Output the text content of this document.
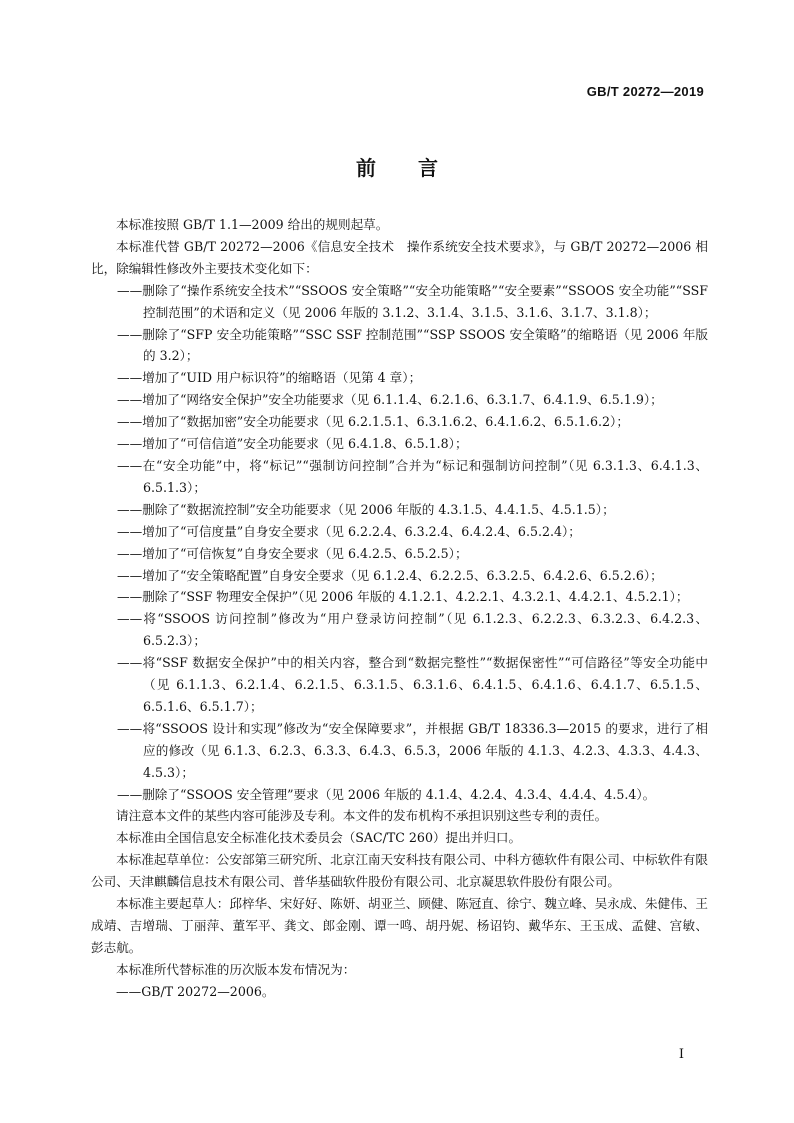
GB/T 20272—2019
前言

本标准按照 GB/T 1.1—2009 给出的规则起草。

本标准代替 GB/T 20272—2006《信息安全技术　操作系统安全技术要求》，与 GB/T 20272—2006 相比，除编辑性修改外主要技术变化如下：

——删除了“操作系统安全技术”“SSOOS 安全策略”“安全功能策略”“安全要素”“SSOOS 安全功能”“SSF 控制范围”的术语和定义（见 2006 年版的 3.1.2、3.1.4、3.1.5、3.1.6、3.1.7、3.1.8）；

——删除了“SFP 安全功能策略”“SSC SSF 控制范围”“SSP SSOOS 安全策略”的缩略语（见 2006 年版的 3.2）；

——增加了“UID 用户标识符”的缩略语（见第 4 章）；

——增加了“网络安全保护”安全功能要求（见 6.1.1.4、6.2.1.6、6.3.1.7、6.4.1.9、6.5.1.9）；

——增加了“数据加密”安全功能要求（见 6.2.1.5.1、6.3.1.6.2、6.4.1.6.2、6.5.1.6.2）；

——增加了“可信信道”安全功能要求（见 6.4.1.8、6.5.1.8）；

——在“安全功能”中，将“标记”“强制访问控制”合并为“标记和强制访问控制”（见 6.3.1.3、6.4.1.3、6.5.1.3）；

——删除了“数据流控制”安全功能要求（见 2006 年版的 4.3.1.5、4.4.1.5、4.5.1.5）；

——增加了“可信度量”自身安全要求（见 6.2.2.4、6.3.2.4、6.4.2.4、6.5.2.4）；

——增加了“可信恢复”自身安全要求（见 6.4.2.5、6.5.2.5）；

——增加了“安全策略配置”自身安全要求（见 6.1.2.4、6.2.2.5、6.3.2.5、6.4.2.6、6.5.2.6）；

——删除了“SSF 物理安全保护”（见 2006 年版的 4.1.2.1、4.2.2.1、4.3.2.1、4.4.2.1、4.5.2.1）；

——将“SSOOS 访问控制”修改为“用户登录访问控制”（见 6.1.2.3、6.2.2.3、6.3.2.3、6.4.2.3、6.5.2.3）；

——将“SSF 数据安全保护”中的相关内容，整合到“数据完整性”“数据保密性”“可信路径”等安全功能中（见 6.1.1.3、6.2.1.4、6.2.1.5、6.3.1.5、6.3.1.6、6.4.1.5、6.4.1.6、6.4.1.7、6.5.1.5、6.5.1.6、6.5.1.7）；

——将“SSOOS 设计和实现”修改为“安全保障要求”，并根据 GB/T 18336.3—2015 的要求，进行了相应的修改（见 6.1.3、6.2.3、6.3.3、6.4.3、6.5.3，2006 年版的 4.1.3、4.2.3、4.3.3、4.4.3、4.5.3）；

——删除了“SSOOS 安全管理”要求（见 2006 年版的 4.1.4、4.2.4、4.3.4、4.4.4、4.5.4）。

请注意本文件的某些内容可能涉及专利。本文件的发布机构不承担识别这些专利的责任。

本标准由全国信息安全标准化技术委员会（SAC/TC 260）提出并归口。

本标准起草单位：公安部第三研究所、北京江南天安科技有限公司、中科方德软件有限公司、中标软件有限公司、天津麒麟信息技术有限公司、普华基础软件股份有限公司、北京凝思软件股份有限公司。

本标准主要起草人：邱梓华、宋好好、陈妍、胡亚兰、顾健、陈冠直、徐宁、魏立峰、吴永成、朱健伟、王成靖、吉增瑞、丁丽萍、董军平、龚文、郎金刚、谭一鸣、胡丹妮、杨诏钧、戴华东、王玉成、孟健、宫敏、彭志航。

本标准所代替标准的历次版本发布情况为：

——GB/T 20272—2006。

I
